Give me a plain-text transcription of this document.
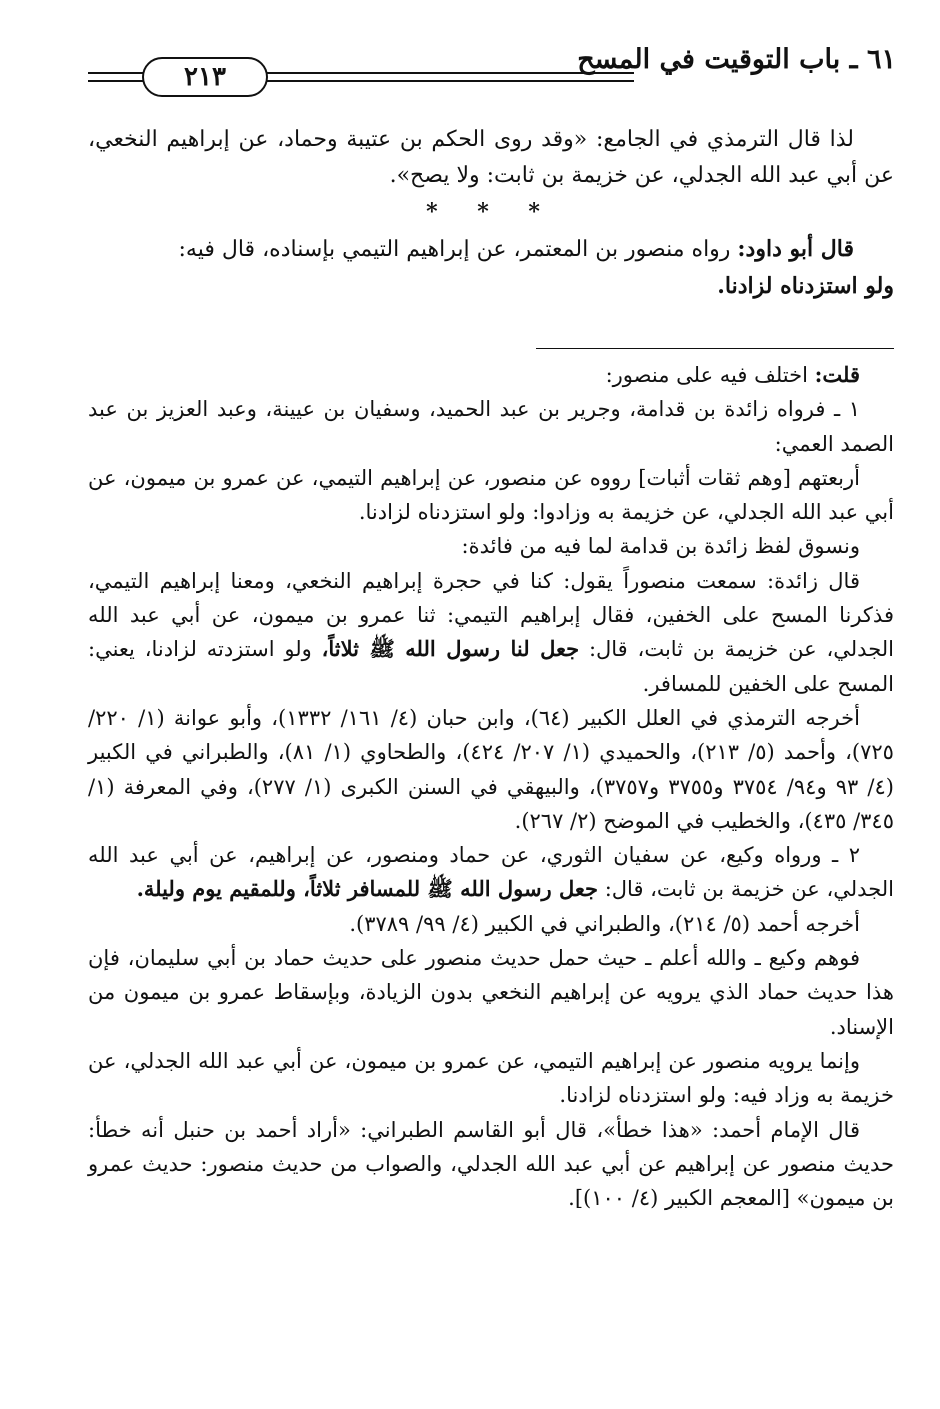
٦١ ـ باب التوقيت في المسح
٢١٣

لذا قال الترمذي في الجامع: «وقد روى الحكم بن عتيبة وحماد، عن إبراهيم النخعي، عن أبي عبد الله الجدلي، عن خزيمة بن ثابت: ولا يصح».

* * *

قال أبو داود: رواه منصور بن المعتمر، عن إبراهيم التيمي بإسناده، قال فيه:

ولو استزدناه لزادنا.

قلت: اختلف فيه على منصور:

١ ـ فرواه زائدة بن قدامة، وجرير بن عبد الحميد، وسفيان بن عيينة، وعبد العزيز بن عبد الصمد العمي:

أربعتهم [وهم ثقات أثبات] رووه عن منصور، عن إبراهيم التيمي، عن عمرو بن ميمون، عن أبي عبد الله الجدلي، عن خزيمة به وزادوا: ولو استزدناه لزادنا.

ونسوق لفظ زائدة بن قدامة لما فيه من فائدة:

قال زائدة: سمعت منصوراً يقول: كنا في حجرة إبراهيم النخعي، ومعنا إبراهيم التيمي، فذكرنا المسح على الخفين، فقال إبراهيم التيمي: ثنا عمرو بن ميمون، عن أبي عبد الله الجدلي، عن خزيمة بن ثابت، قال: جعل لنا رسول الله ﷺ ثلاثاً، ولو استزدته لزادنا، يعني: المسح على الخفين للمسافر.

أخرجه الترمذي في العلل الكبير (٦٤)، وابن حبان (٤/ ١٦١/ ١٣٣٢)، وأبو عوانة (١/ ٢٢٠/ ٧٢٥)، وأحمد (٥/ ٢١٣)، والحميدي (١/ ٢٠٧/ ٤٢٤)، والطحاوي (١/ ٨١)، والطبراني في الكبير (٤/ ٩٣ و٩٤/ ٣٧٥٤ و٣٧٥٥ و٣٧٥٧)، والبيهقي في السنن الكبرى (١/ ٢٧٧)، وفي المعرفة (١/ ٣٤٥/ ٤٣٥)، والخطيب في الموضح (٢/ ٢٦٧).

٢ ـ ورواه وكيع، عن سفيان الثوري، عن حماد ومنصور، عن إبراهيم، عن أبي عبد الله الجدلي، عن خزيمة بن ثابت، قال: جعل رسول الله ﷺ للمسافر ثلاثاً، وللمقيم يوم وليلة.

أخرجه أحمد (٥/ ٢١٤)، والطبراني في الكبير (٤/ ٩٩/ ٣٧٨٩).

فوهم وكيع ـ والله أعلم ـ حيث حمل حديث منصور على حديث حماد بن أبي سليمان، فإن هذا حديث حماد الذي يرويه عن إبراهيم النخعي بدون الزيادة، وبإسقاط عمرو بن ميمون من الإسناد.

وإنما يرويه منصور عن إبراهيم التيمي، عن عمرو بن ميمون، عن أبي عبد الله الجدلي، عن خزيمة به وزاد فيه: ولو استزدناه لزادنا.

قال الإمام أحمد: «هذا خطأ»، قال أبو القاسم الطبراني: «أراد أحمد بن حنبل أنه خطأ: حديث منصور عن إبراهيم عن أبي عبد الله الجدلي، والصواب من حديث منصور: حديث عمرو بن ميمون» [المعجم الكبير (٤/ ١٠٠)].
